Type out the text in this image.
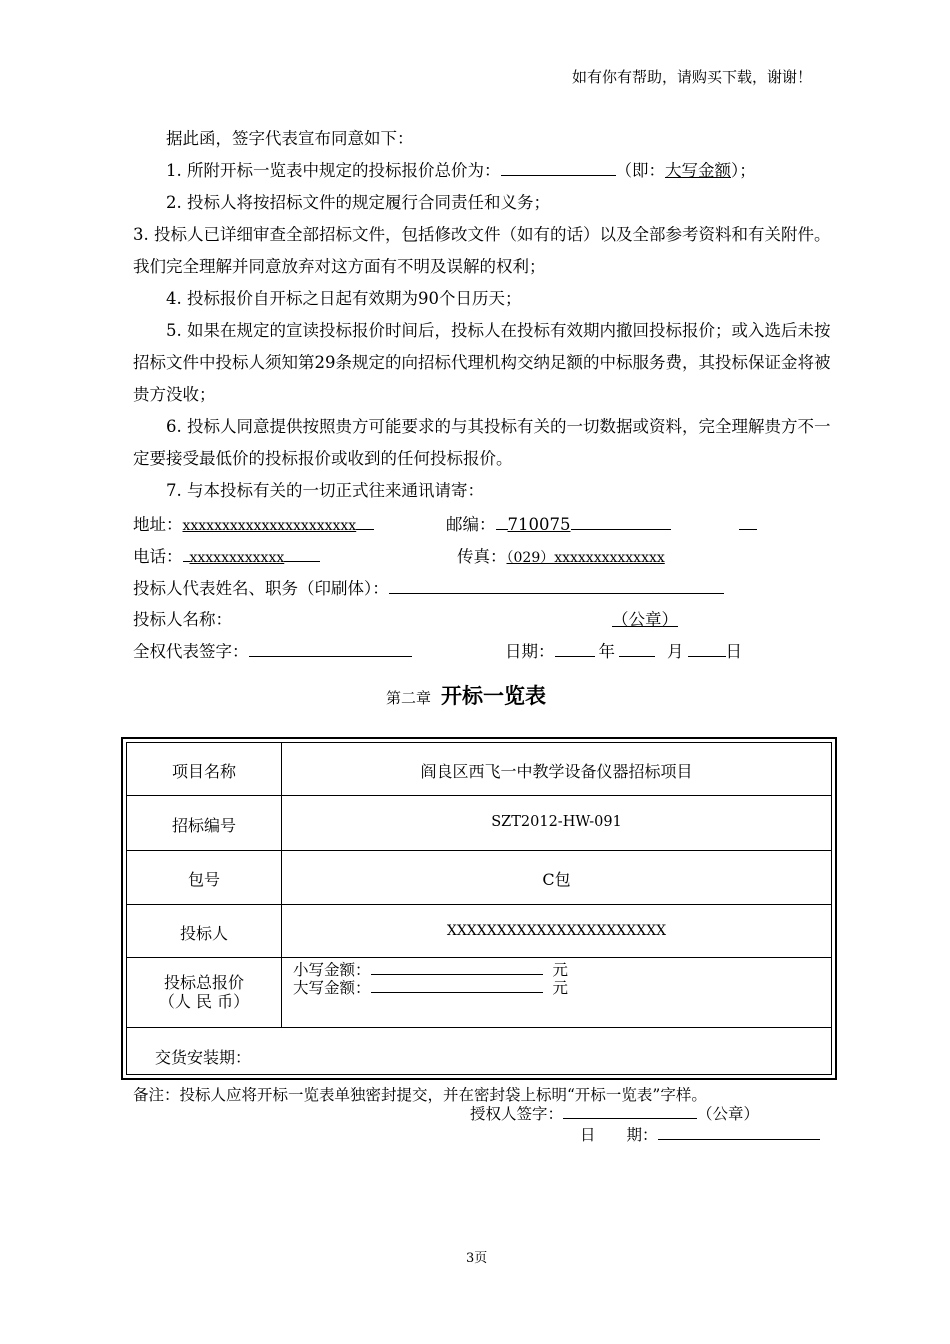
如有你有帮助，请购买下载，谢谢！
据此函，签字代表宣布同意如下：
1. 所附开标一览表中规定的投标报价总价为：	（即：大写金额）；
2. 投标人将按招标文件的规定履行合同责任和义务；
3. 投标人已详细审查全部招标文件，包括修改文件（如有的话）以及全部参考资料和有关附件。我们完全理解并同意放弃对这方面有不明及误解的权利；
4. 投标报价自开标之日起有效期为90个日历天；
5. 如果在规定的宣读投标报价时间后，投标人在投标有效期内撤回投标报价；或入选后未按招标文件中投标人须知第29条规定的向招标代理机构交纳足额的中标服务费，其投标保证金将被贵方没收；
6. 投标人同意提供按照贵方可能要求的与其投标有关的一切数据或资料，完全理解贵方不一定要接受最低价的投标报价或收到的任何投标报价。
7. 与本投标有关的一切正式往来通讯请寄：
地址：xxxxxxxxxxxxxxxxxxxxxx	邮编： 710075
电话： xxxxxxxxxxxx	传真：（029）xxxxxxxxxxxxxx
投标人代表姓名、职务（印刷体）：
投标人名称：	（公章）
全权代表签字：	日期：	年	月	日
第二章 开标一览表
项目名称	阎良区西飞一中教学设备仪器招标项目
招标编号	SZT2012-HW-091
包号	C包
投标人	XXXXXXXXXXXXXXXXXXXXXX
投标总报价
（人 民 币）
小写金额：	元
大写金额：	元
交货安装期：
备注：投标人应将开标一览表单独密封提交，并在密封袋上标明“开标一览表”字样。
授权人签字：	（公章）
日　　期：
3页
